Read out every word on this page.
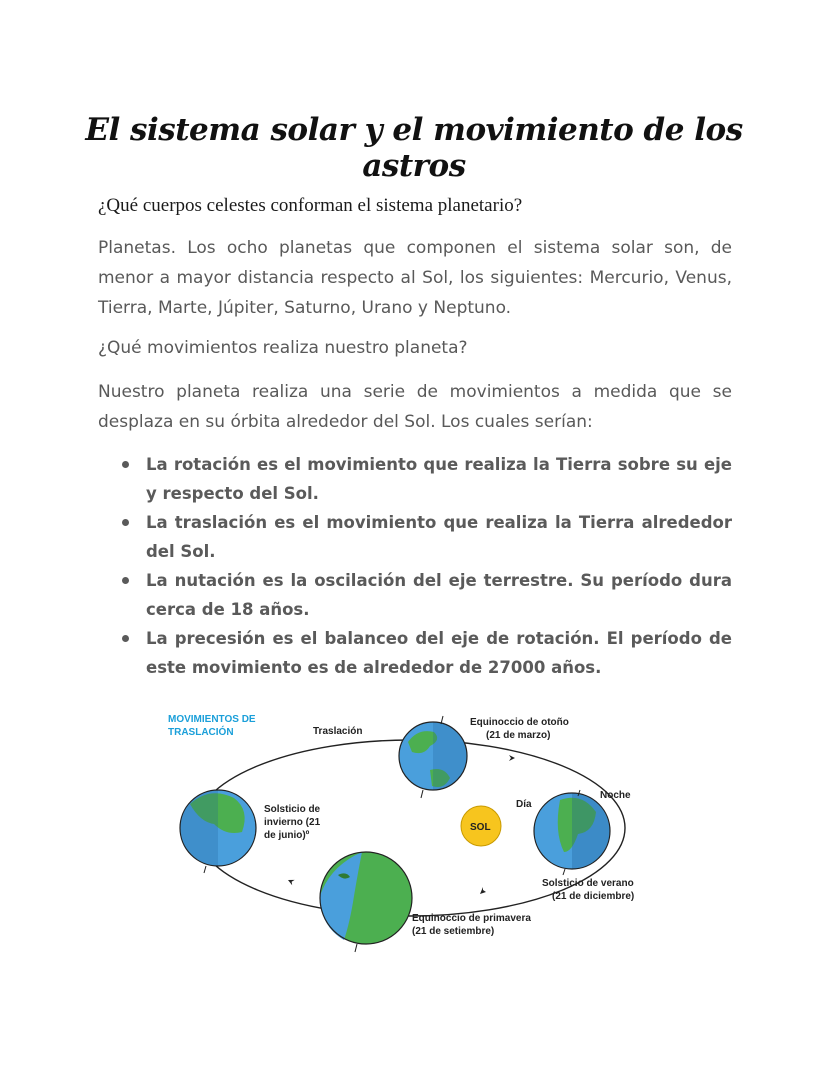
El sistema solar y el movimiento de los astros

¿Qué cuerpos celestes conforman el sistema planetario?

Planetas. Los ocho planetas que componen el sistema solar son, de menor a mayor distancia respecto al Sol, los siguientes: Mercurio, Venus, Tierra, Marte, Júpiter, Saturno, Urano y Neptuno.

¿Qué movimientos realiza nuestro planeta?

Nuestro planeta realiza una serie de movimientos a medida que se desplaza en su órbita alrededor del Sol. Los cuales serían:

La rotación es el movimiento que realiza la Tierra sobre su eje y respecto del Sol.
La traslación es el movimiento que realiza la Tierra alrededor del Sol.
La nutación es la oscilación del eje terrestre. Su período dura cerca de 18 años.
La precesión es el balanceo del eje de rotación. El período de este movimiento es de alrededor de 27000 años.
MOVIMIENTOS DE
TRASLACIÓN	Traslación
Equinoccio de otoño
(21 de marzo)
Noche
Día
Solsticio de verano
(21 de diciembre)
SOL
Solsticio de
invierno (21
de junio)º
Equinoccio de primavera
(21 de setiembre)
